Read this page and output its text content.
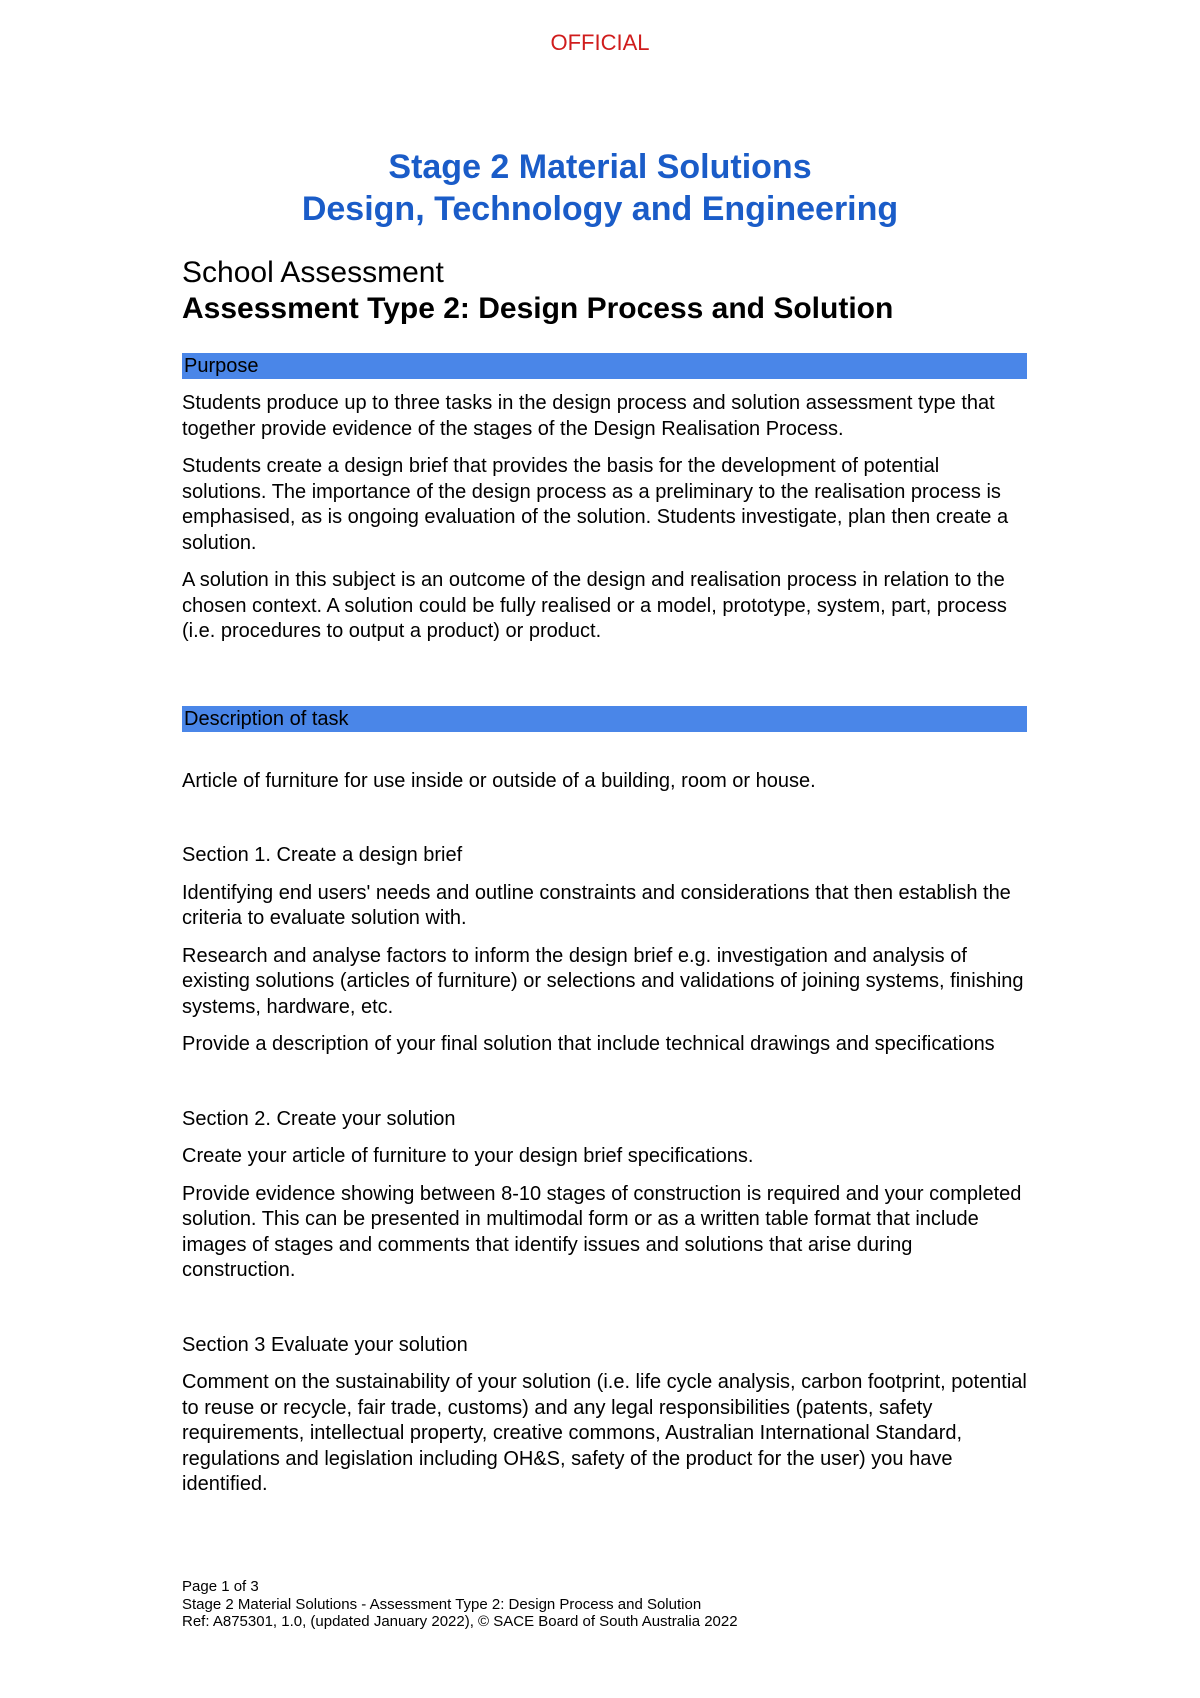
OFFICIAL
Stage 2 Material Solutions
Design, Technology and Engineering
School Assessment
Assessment Type 2: Design Process and Solution
Purpose

Students produce up to three tasks in the design process and solution assessment type that together provide evidence of the stages of the Design Realisation Process.

Students create a design brief that provides the basis for the development of potential solutions. The importance of the design process as a preliminary to the realisation process is emphasised, as is ongoing evaluation of the solution. Students investigate, plan then create a solution.

A solution in this subject is an outcome of the design and realisation process in relation to the chosen context. A solution could be fully realised or a model, prototype, system, part, process (i.e. procedures to output a product) or product.

Description of task

Article of furniture for use inside or outside of a building, room or house.

Section 1. Create a design brief

Identifying end users' needs and outline constraints and considerations that then establish the criteria to evaluate solution with.

Research and analyse factors to inform the design brief e.g. investigation and analysis of existing solutions (articles of furniture) or selections and validations of joining systems, finishing systems, hardware, etc.

Provide a description of your final solution that include technical drawings and specifications

Section 2. Create your solution

Create your article of furniture to your design brief specifications.

Provide evidence showing between 8-10 stages of construction is required and your completed solution. This can be presented in multimodal form or as a written table format that include images of stages and comments that identify issues and solutions that arise during construction.

Section 3 Evaluate your solution

Comment on the sustainability of your solution (i.e. life cycle analysis, carbon footprint, potential to reuse or recycle, fair trade, customs) and any legal responsibilities (patents, safety requirements, intellectual property, creative commons, Australian International Standard, regulations and legislation including OH&S, safety of the product for the user) you have identified.

Page 1 of 3
Stage 2 Material Solutions - Assessment Type 2: Design Process and Solution
Ref: A875301, 1.0, (updated January 2022), © SACE Board of South Australia 2022
